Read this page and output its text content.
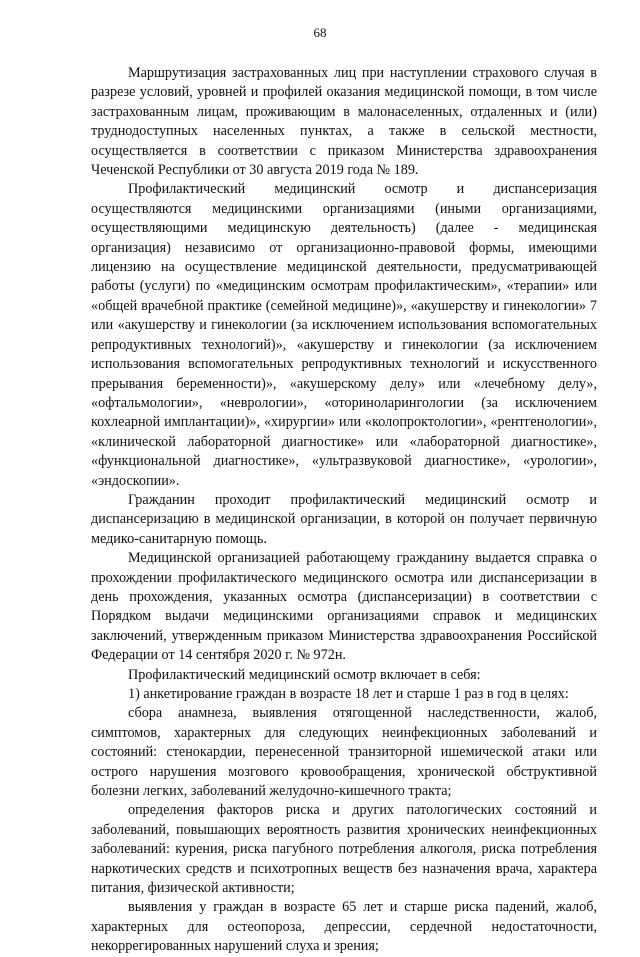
68

Маршрутизация застрахованных лиц при наступлении страхового случая в разрезе условий, уровней и профилей оказания медицинской помощи, в том числе застрахованным лицам, проживающим в малонаселенных, отдаленных и (или) труднодоступных населенных пунктах, а также в сельской местности, осуществляется в соответствии с приказом Министерства здравоохранения Чеченской Республики от 30 августа 2019 года № 189.

Профилактический медицинский осмотр и диспансеризация осуществляются медицинскими организациями (иными организациями, осуществляющими медицинскую деятельность) (далее - медицинская организация) независимо от организационно-правовой формы, имеющими лицензию на осуществление медицинской деятельности, предусматривающей работы (услуги) по «медицинским осмотрам профилактическим», «терапии» или «общей врачебной практике (семейной медицине)», «акушерству и гинекологии» 7 или «акушерству и гинекологии (за исключением использования вспомогательных репродуктивных технологий)», «акушерству и гинекологии (за исключением использования вспомогательных репродуктивных технологий и искусственного прерывания беременности)», «акушерскому делу» или «лечебному делу», «офтальмологии», «неврологии», «оториноларингологии (за исключением кохлеарной имплантации)», «хирургии» или «колопроктологии», «рентгенологии», «клинической лабораторной диагностике» или «лабораторной диагностике», «функциональной диагностике», «ультразвуковой диагностике», «урологии», «эндоскопии».

Гражданин проходит профилактический медицинский осмотр и диспансеризацию в медицинской организации, в которой он получает первичную медико-санитарную помощь.

Медицинской организацией работающему гражданину выдается справка о прохождении профилактического медицинского осмотра или диспансеризации в день прохождения, указанных осмотра (диспансеризации) в соответствии с Порядком выдачи медицинскими организациями справок и медицинских заключений, утвержденным приказом Министерства здравоохранения Российской Федерации от 14 сентября 2020 г. № 972н.

Профилактический медицинский осмотр включает в себя:

1) анкетирование граждан в возрасте 18 лет и старше 1 раз в год в целях:

сбора анамнеза, выявления отягощенной наследственности, жалоб, симптомов, характерных для следующих неинфекционных заболеваний и состояний: стенокардии, перенесенной транзиторной ишемической атаки или острого нарушения мозгового кровообращения, хронической обструктивной болезни легких, заболеваний желудочно-кишечного тракта;

определения факторов риска и других патологических состояний и заболеваний, повышающих вероятность развития хронических неинфекционных заболеваний: курения, риска пагубного потребления алкоголя, риска потребления наркотических средств и психотропных веществ без назначения врача, характера питания, физической активности;

выявления у граждан в возрасте 65 лет и старше риска падений, жалоб, характерных для остеопороза, депрессии, сердечной недостаточности, некоррегированных нарушений слуха и зрения;
